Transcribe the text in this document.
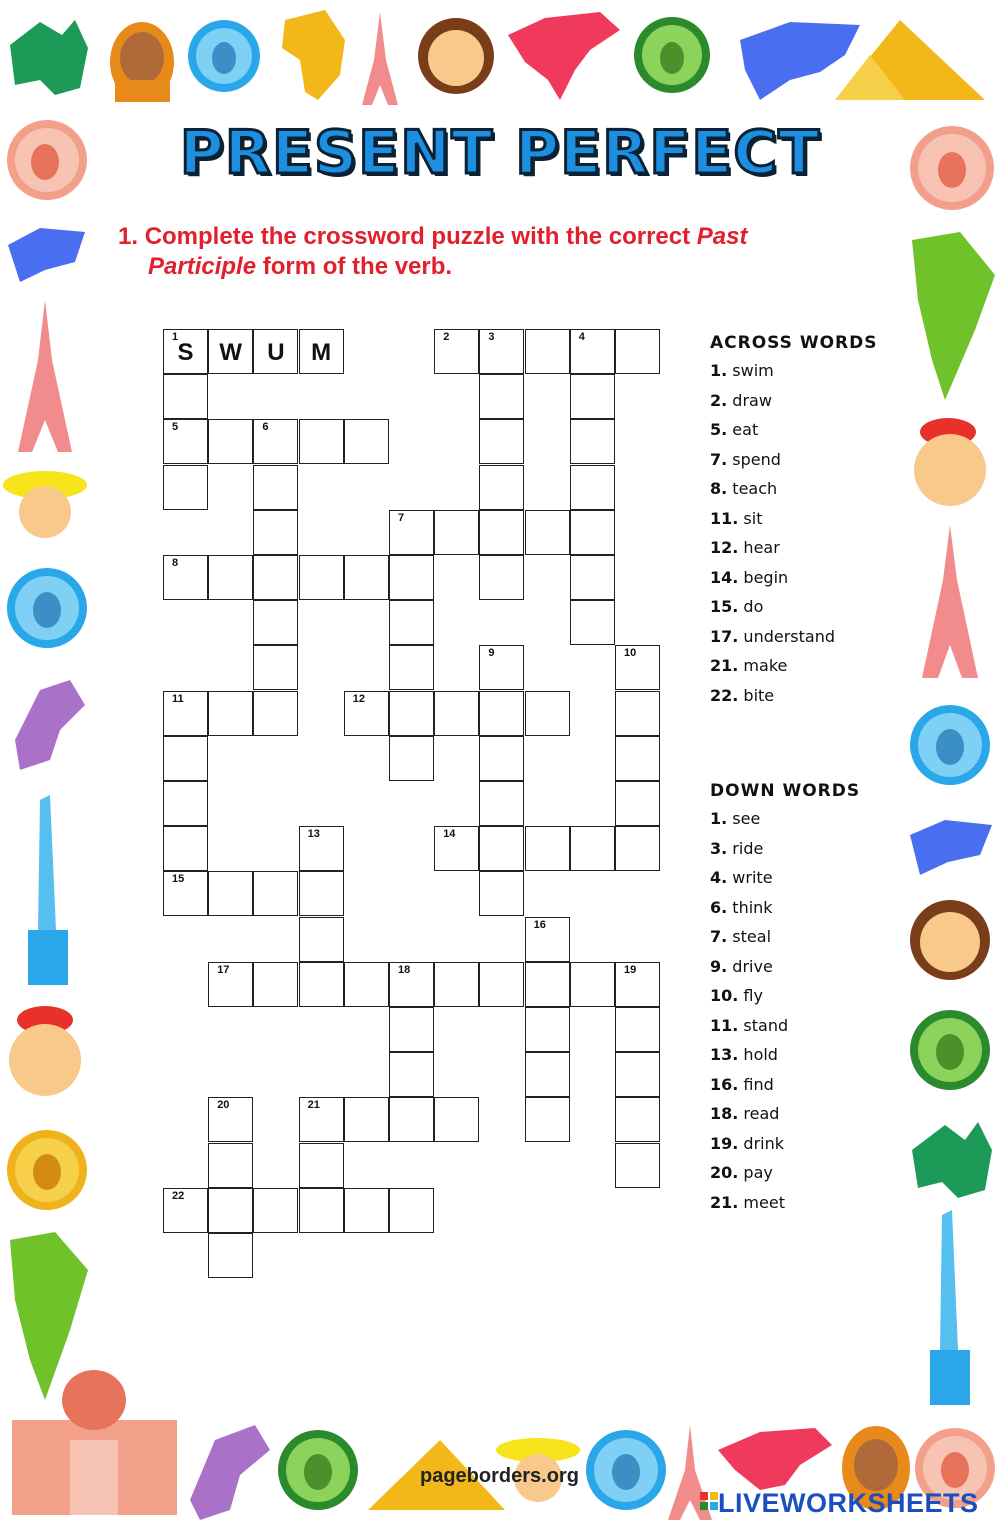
PRESENT PERFECT
1. Complete the crossword puzzle with the correct Past
Participle form of the verb.
1
S
W
U
M	2	3	4
5	6
7
8
9	10
11	12
13	14
15
16
17	18	19
20	21
22
ACROSS WORDS
1. swim
2. draw
5. eat
7. spend
8. teach
11. sit
12. hear
14. begin
15. do
17. understand
21. make
22. bite
DOWN WORDS
1. see
3. ride
4. write
6. think
7. steal
9. drive
10. fly
11. stand
13. hold
16. find
18. read
19. drink
20. pay
21. meet
pageborders.org
LIVEWORKSHEETS
